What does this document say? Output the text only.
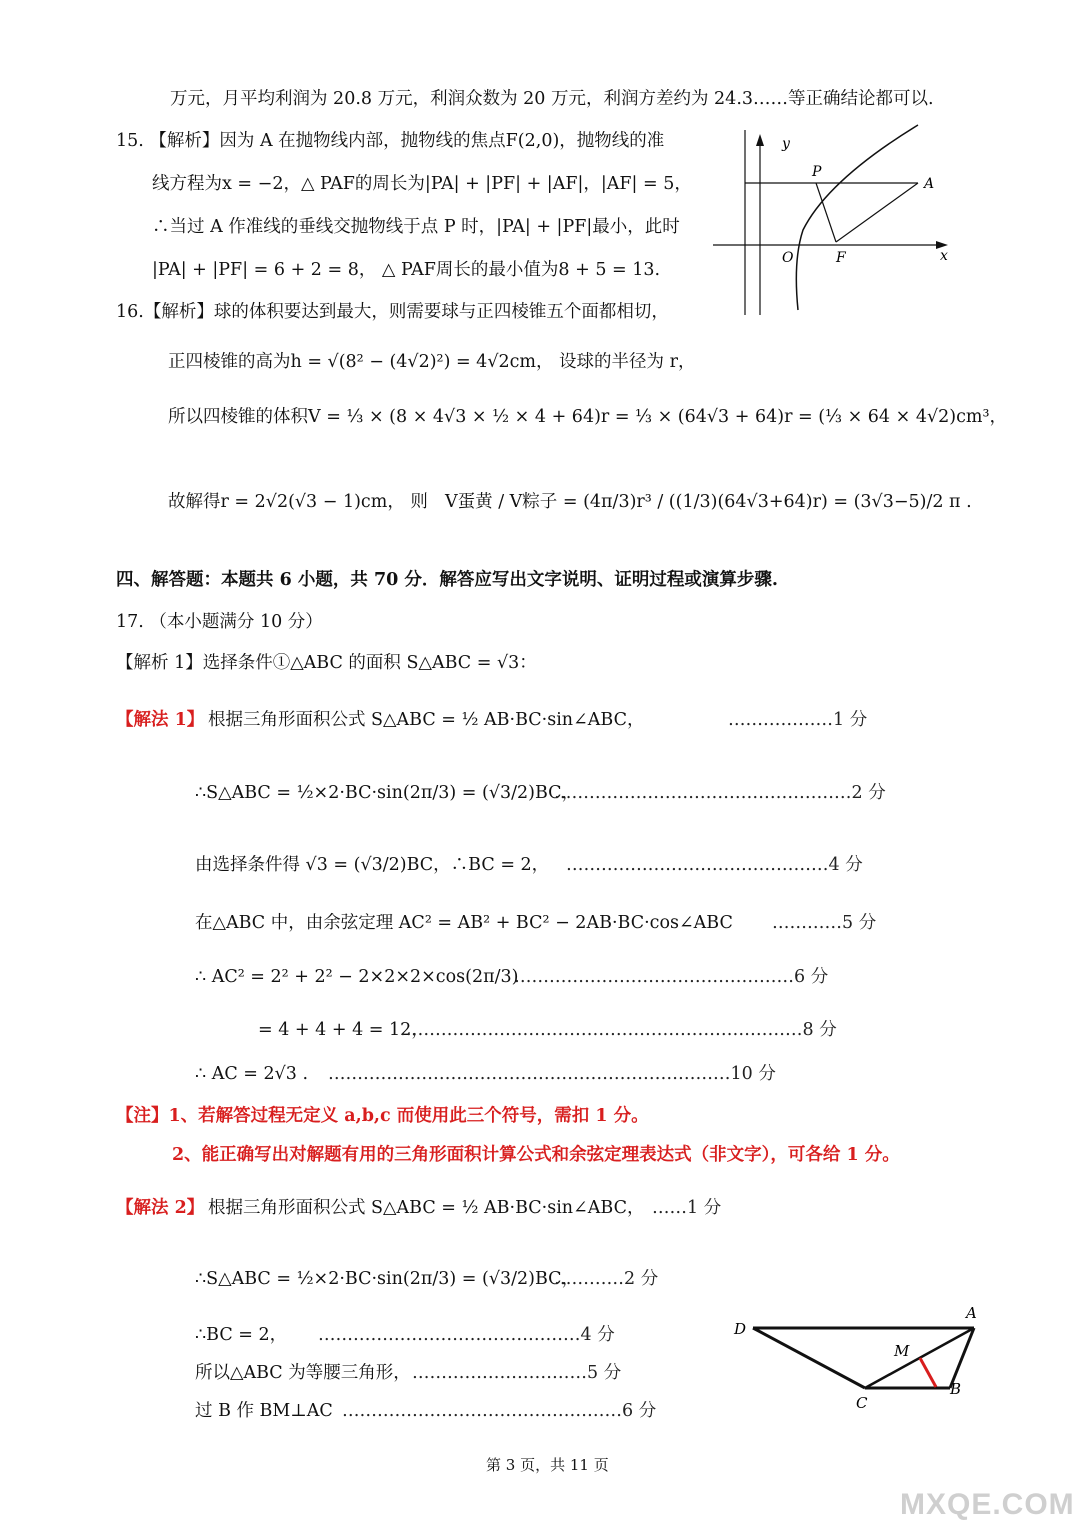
万元，月平均利润为 20.8 万元，利润众数为 20 万元，利润方差约为 24.3……等正确结论都可以.
15. 【解析】因为 A 在抛物线内部，抛物线的焦点F(2,0)，抛物线的准
线方程为x = −2，△ PAF的周长为|PA| + |PF| + |AF|，|AF| = 5，
∴当过 A 作准线的垂线交抛物线于点 P 时，|PA| + |PF|最小，此时
|PA| + |PF| = 6 + 2 = 8， △ PAF周长的最小值为8 + 5 = 13.
y
x
O
P
A
F
16.【解析】球的体积要达到最大，则需要球与正四棱锥五个面都相切，
正四棱锥的高为h = √(8² − (4√2)²) = 4√2cm， 设球的半径为 r，
所以四棱锥的体积V = ⅓ × (8 × 4√3 × ½ × 4 + 64)r = ⅓ × (64√3 + 64)r = (⅓ × 64 × 4√2)cm³，
故解得r = 2√2(√3 − 1)cm， 则 V蛋黄 / V粽子 = (4π/3)r³ / ((1/3)(64√3+64)r) = (3√3−5)/2 π .
四、解答题：本题共 6 小题，共 70 分．解答应写出文字说明、证明过程或演算步骤.
17. （本小题满分 10 分）
【解析 1】选择条件①△ABC 的面积 S△ABC = √3：
【解法 1】 根据三角形面积公式 S△ABC = ½ AB·BC·sin∠ABC，	………………1 分
∴S△ABC = ½×2·BC·sin(2π/3) = (√3/2)BC，
……………………………………………2 分
由选择条件得 √3 = (√3/2)BC，∴BC = 2， ………………………………………4 分
在△ABC 中，由余弦定理 AC² = AB² + BC² − 2AB·BC·cos∠ABC …………5 分
∴ AC² = 2² + 2² − 2×2×2×cos(2π/3)
…………………………………………6 分
= 4 + 4 + 4 = 12，
……………………………………………………………8 分
∴ AC = 2√3 . ……………………………………………………………10 分
【注】1、若解答过程无定义 a,b,c 而使用此三个符号，需扣 1 分。
2、能正确写出对解题有用的三角形面积计算公式和余弦定理表达式（非文字），可各给 1 分。
【解法 2】 根据三角形面积公式 S△ABC = ½ AB·BC·sin∠ABC， ……1 分
∴S△ABC = ½×2·BC·sin(2π/3) = (√3/2)BC，
…………2 分
∴BC = 2， ………………………………………4 分
所以△ABC 为等腰三角形， …………………………5 分
过 B 作 BM⊥AC …………………………………………6 分
D
A
M
C
B
第 3 页，共 11 页
MXQE.COM
